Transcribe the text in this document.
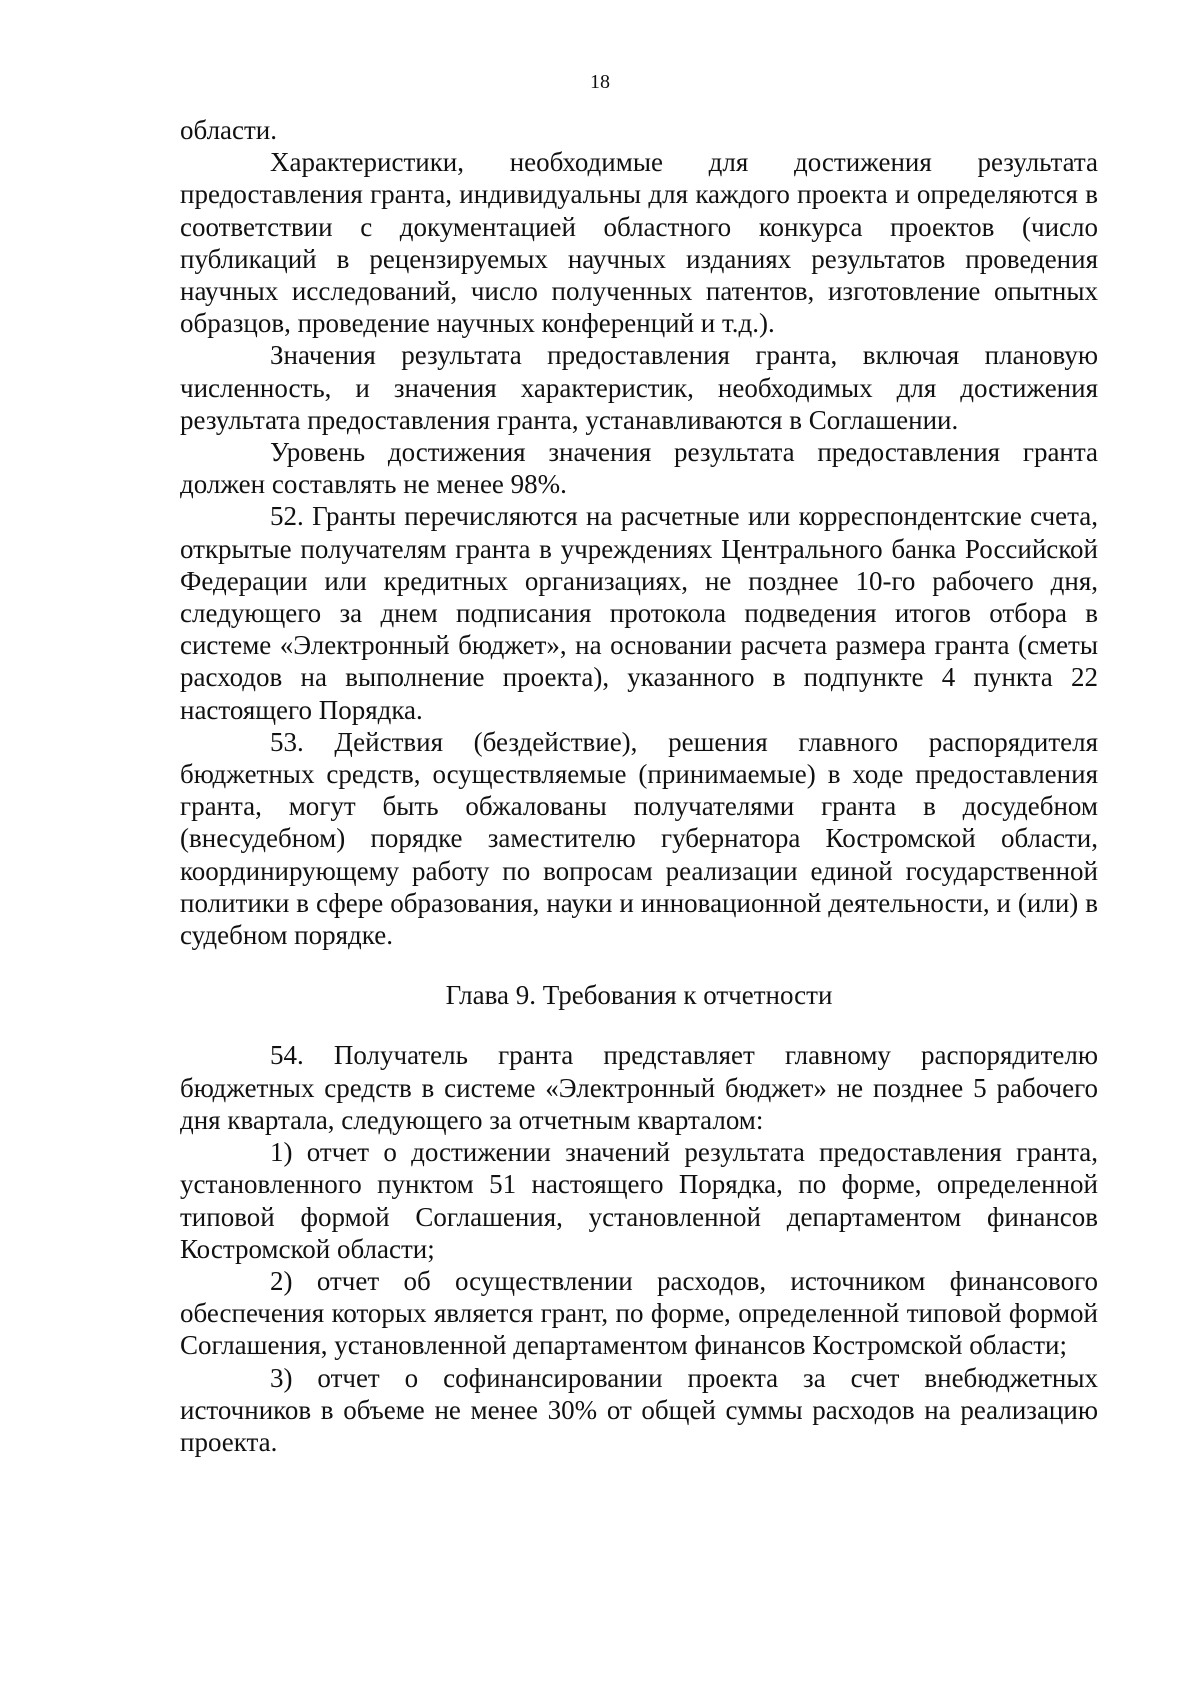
18

области.

Характеристики, необходимые для достижения результата предоставления гранта, индивидуальны для каждого проекта и определяются в соответствии с документацией областного конкурса проектов (число публикаций в рецензируемых научных изданиях результатов проведения научных исследований, число полученных патентов, изготовление опытных образцов, проведение научных конференций и т.д.).

Значения результата предоставления гранта, включая плановую численность, и значения характеристик, необходимых для достижения результата предоставления гранта, устанавливаются в Соглашении.

Уровень достижения значения результата предоставления гранта должен составлять не менее 98%.

52. Гранты перечисляются на расчетные или корреспондентские счета, открытые получателям гранта в учреждениях Центрального банка Российской Федерации или кредитных организациях, не позднее 10-го рабочего дня, следующего за днем подписания протокола подведения итогов отбора в системе «Электронный бюджет», на основании расчета размера гранта (сметы расходов на выполнение проекта), указанного в подпункте 4 пункта 22 настоящего Порядка.

53. Действия (бездействие), решения главного распорядителя бюджетных средств, осуществляемые (принимаемые) в ходе предоставления гранта, могут быть обжалованы получателями гранта в досудебном (внесудебном) порядке заместителю губернатора Костромской области, координирующему работу по вопросам реализации единой государственной политики в сфере образования, науки и инновационной деятельности, и (или) в судебном порядке.

Глава 9. Требования к отчетности

54. Получатель гранта представляет главному распорядителю бюджетных средств в системе «Электронный бюджет» не позднее 5 рабочего дня квартала, следующего за отчетным кварталом:

1) отчет о достижении значений результата предоставления гранта, установленного пунктом 51 настоящего Порядка, по форме, определенной типовой формой Соглашения, установленной департаментом финансов Костромской области;

2) отчет об осуществлении расходов, источником финансового обеспечения которых является грант, по форме, определенной типовой формой Соглашения, установленной департаментом финансов Костромской области;

3) отчет о софинансировании проекта за счет внебюджетных источников в объеме не менее 30% от общей суммы расходов на реализацию проекта.
